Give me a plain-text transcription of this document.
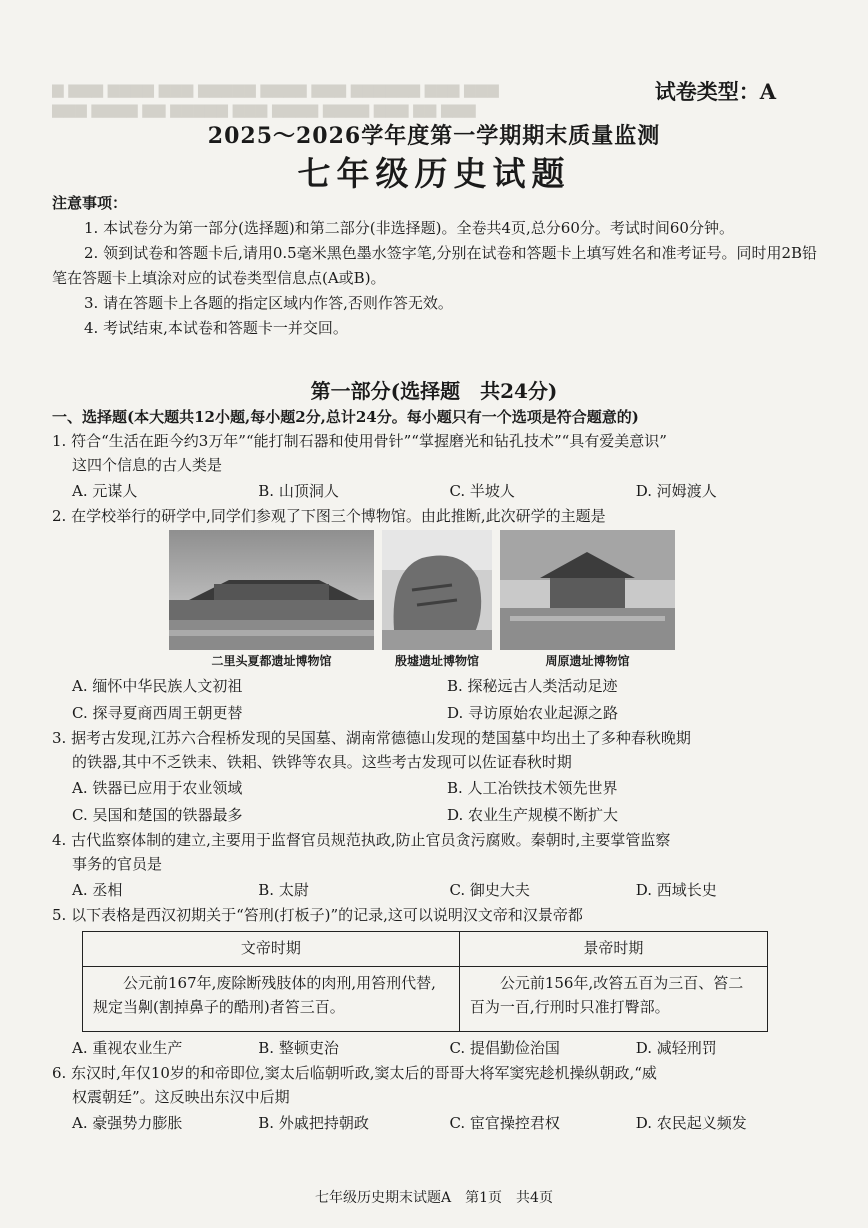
▆ ▆▆▆ ▆▆▆▆ ▆▆▆ ▆▆▆▆▆ ▆▆▆▆ ▆▆▆ ▆▆▆▆▆▆ ▆▆▆ ▆▆▆
▆▆▆ ▆▆▆▆ ▆▆ ▆▆▆▆▆ ▆▆▆ ▆▆▆▆ ▆▆▆▆ ▆▆▆ ▆▆ ▆▆▆
试卷类型：A
2025～2026学年度第一学期期末质量监测
七年级历史试题
注意事项：

1. 本试卷分为第一部分(选择题)和第二部分(非选择题)。全卷共4页,总分60分。考试时间60分钟。

2. 领到试卷和答题卡后,请用0.5毫米黑色墨水签字笔,分别在试卷和答题卡上填写姓名和准考证号。同时用2B铅笔在答题卡上填涂对应的试卷类型信息点(A或B)。

3. 请在答题卡上各题的指定区域内作答,否则作答无效。

4. 考试结束,本试卷和答题卡一并交回。

第一部分(选择题　共24分)

一、选择题(本大题共12小题,每小题2分,总计24分。每小题只有一个选项是符合题意的)

1. 符合“生活在距今约3万年”“能打制石器和使用骨针”“掌握磨光和钻孔技术”“具有爱美意识”

这四个信息的古人类是

A. 元谋人	B. 山顶洞人	C. 半坡人	D. 河姆渡人

2. 在学校举行的研学中,同学们参观了下图三个博物馆。由此推断,此次研学的主题是

二里头夏都遗址博物馆	殷墟遗址博物馆	周原遗址博物馆
A. 缅怀中华民族人文初祖	B. 探秘远古人类活动足迹
C. 探寻夏商西周王朝更替	D. 寻访原始农业起源之路

3. 据考古发现,江苏六合程桥发现的吴国墓、湖南常德德山发现的楚国墓中均出土了多种春秋晚期

的铁器,其中不乏铁耒、铁耜、铁铧等农具。这些考古发现可以佐证春秋时期

A. 铁器已应用于农业领域	B. 人工冶铁技术领先世界
C. 吴国和楚国的铁器最多	D. 农业生产规模不断扩大

4. 古代监察体制的建立,主要用于监督官员规范执政,防止官员贪污腐败。秦朝时,主要掌管监察

事务的官员是

A. 丞相	B. 太尉	C. 御史大夫	D. 西域长史

5. 以下表格是西汉初期关于“笞刑(打板子)”的记录,这可以说明汉文帝和汉景帝都

文帝时期	景帝时期
公元前167年,废除断残肢体的肉刑,用笞刑代替,规定当劓(割掉鼻子的酷刑)者笞三百。	公元前156年,改笞五百为三百、笞二百为一百,行刑时只准打臀部。
A. 重视农业生产	B. 整顿吏治	C. 提倡勤俭治国	D. 减轻刑罚

6. 东汉时,年仅10岁的和帝即位,窦太后临朝听政,窦太后的哥哥大将军窦宪趁机操纵朝政,“威

权震朝廷”。这反映出东汉中后期

A. 豪强势力膨胀	B. 外戚把持朝政	C. 宦官操控君权	D. 农民起义频发
七年级历史期末试题A　第1页　共4页
